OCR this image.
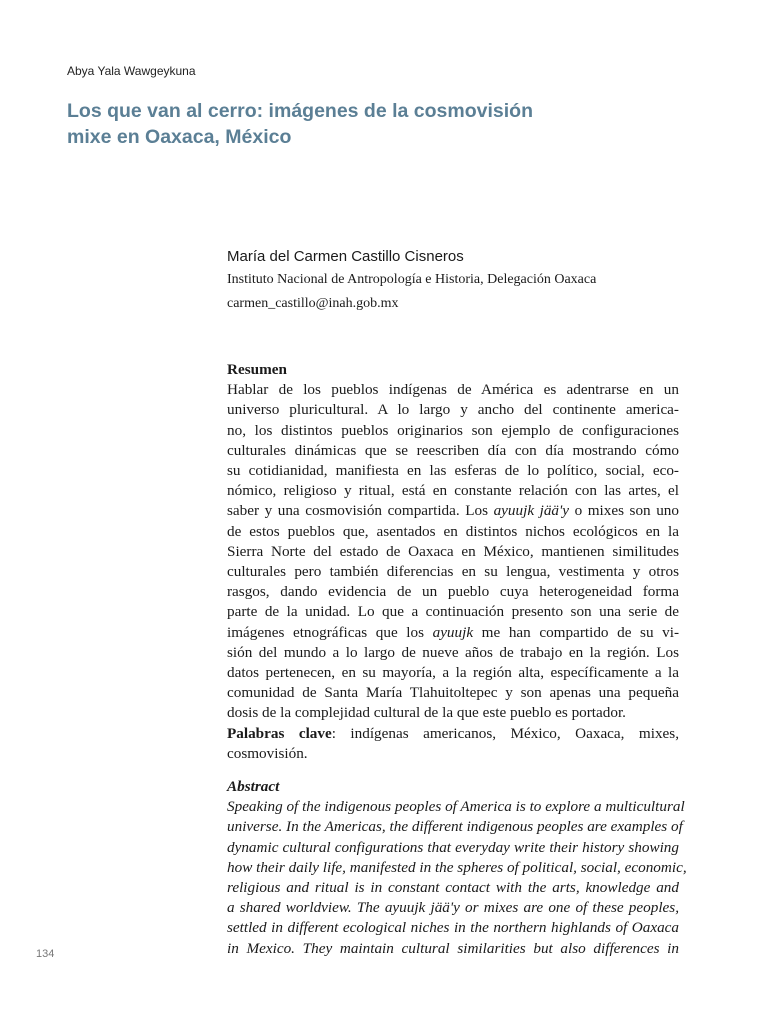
Abya Yala Wawgeykuna
Los que van al cerro: imágenes de la cosmovisión
mixe en Oaxaca, México
María del Carmen Castillo Cisneros
Instituto Nacional de Antropología e Historia, Delegación Oaxaca
carmen_castillo@inah.gob.mx
Resumen
Hablar de los pueblos indígenas de América es adentrarse en un
universo pluricultural. A lo largo y ancho del continente america-
no, los distintos pueblos originarios son ejemplo de configuraciones
culturales dinámicas que se reescriben día con día mostrando cómo
su cotidianidad, manifiesta en las esferas de lo político, social, eco-
nómico, religioso y ritual, está en constante relación con las artes, el
saber y una cosmovisión compartida. Los ayuujk jää'y o mixes son uno
de estos pueblos que, asentados en distintos nichos ecológicos en la
Sierra Norte del estado de Oaxaca en México, mantienen similitudes
culturales pero también diferencias en su lengua, vestimenta y otros
rasgos, dando evidencia de un pueblo cuya heterogeneidad forma
parte de la unidad. Lo que a continuación presento son una serie de
imágenes etnográficas que los ayuujk me han compartido de su vi-
sión del mundo a lo largo de nueve años de trabajo en la región. Los
datos pertenecen, en su mayoría, a la región alta, específicamente a la
comunidad de Santa María Tlahuitoltepec y son apenas una pequeña
dosis de la complejidad cultural de la que este pueblo es portador.
Palabras clave: indígenas americanos, México, Oaxaca, mixes,
cosmovisión.
Abstract
Speaking of the indigenous peoples of America is to explore a multicultural
universe. In the Americas, the different indigenous peoples are examples of
dynamic cultural configurations that everyday write their history showing
how their daily life, manifested in the spheres of political, social, economic,
religious and ritual is in constant contact with the arts, knowledge and
a shared worldview. The ayuujk jää'y or mixes are one of these peoples,
settled in different ecological niches in the northern highlands of Oaxaca
in Mexico. They maintain cultural similarities but also differences in
134
